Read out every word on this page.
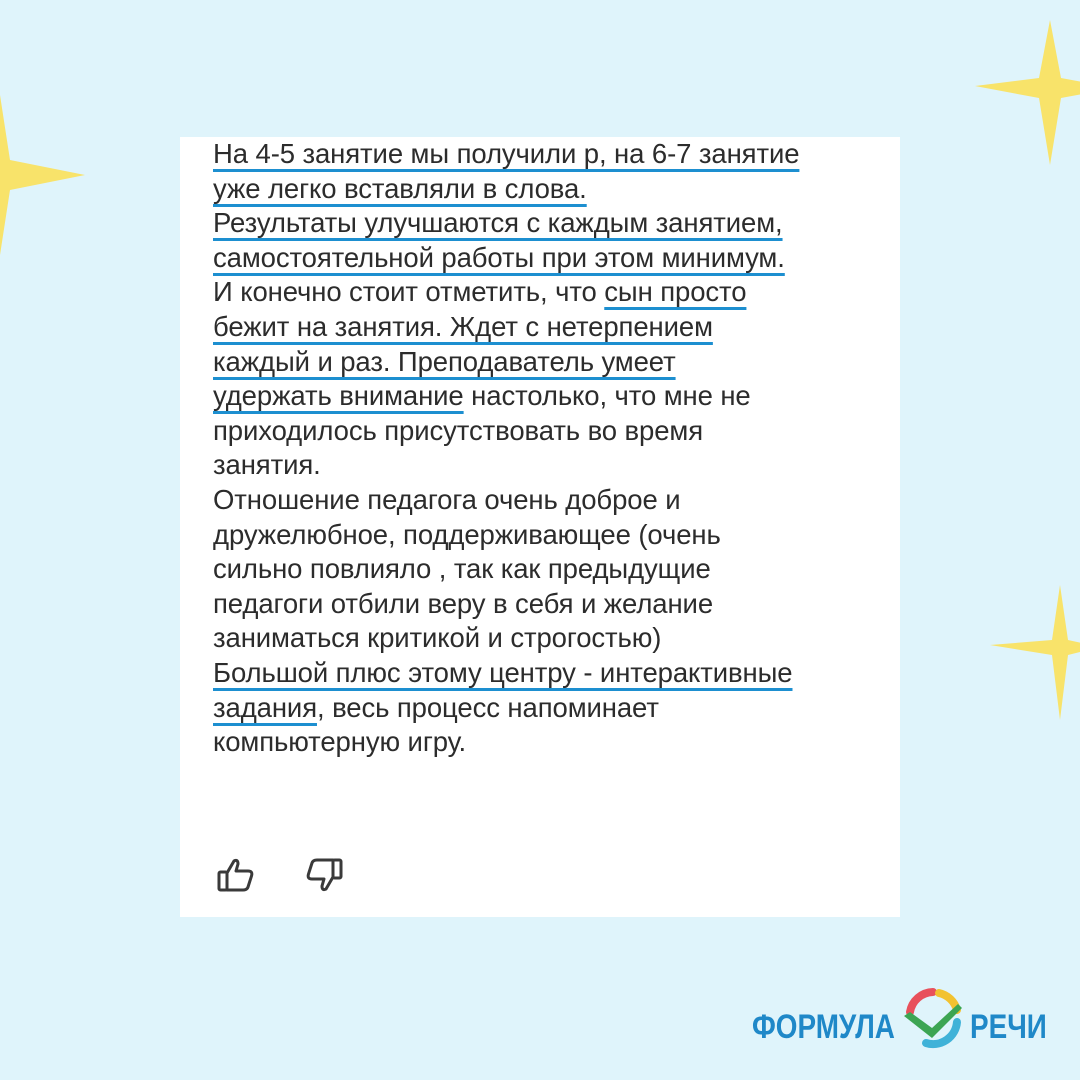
На 4-5 занятие мы получили р, на 6-7 занятие
уже легко вставляли в слова.
Результаты улучшаются с каждым занятием,
самостоятельной работы при этом минимум.
И конечно стоит отметить, что сын просто
бежит на занятия. Ждет с нетерпением
каждый и раз. Преподаватель умеет
удержать внимание настолько, что мне не
приходилось присутствовать во время
занятия.
Отношение педагога очень доброе и
дружелюбное, поддерживающее (очень
сильно повлияло , так как предыдущие
педагоги отбили веру в себя и желание
заниматься критикой и строгостью)
Большой плюс этому центру - интерактивные
задания, весь процесс напоминает
компьютерную игру.

ФОРМУЛА РЕЧИ
